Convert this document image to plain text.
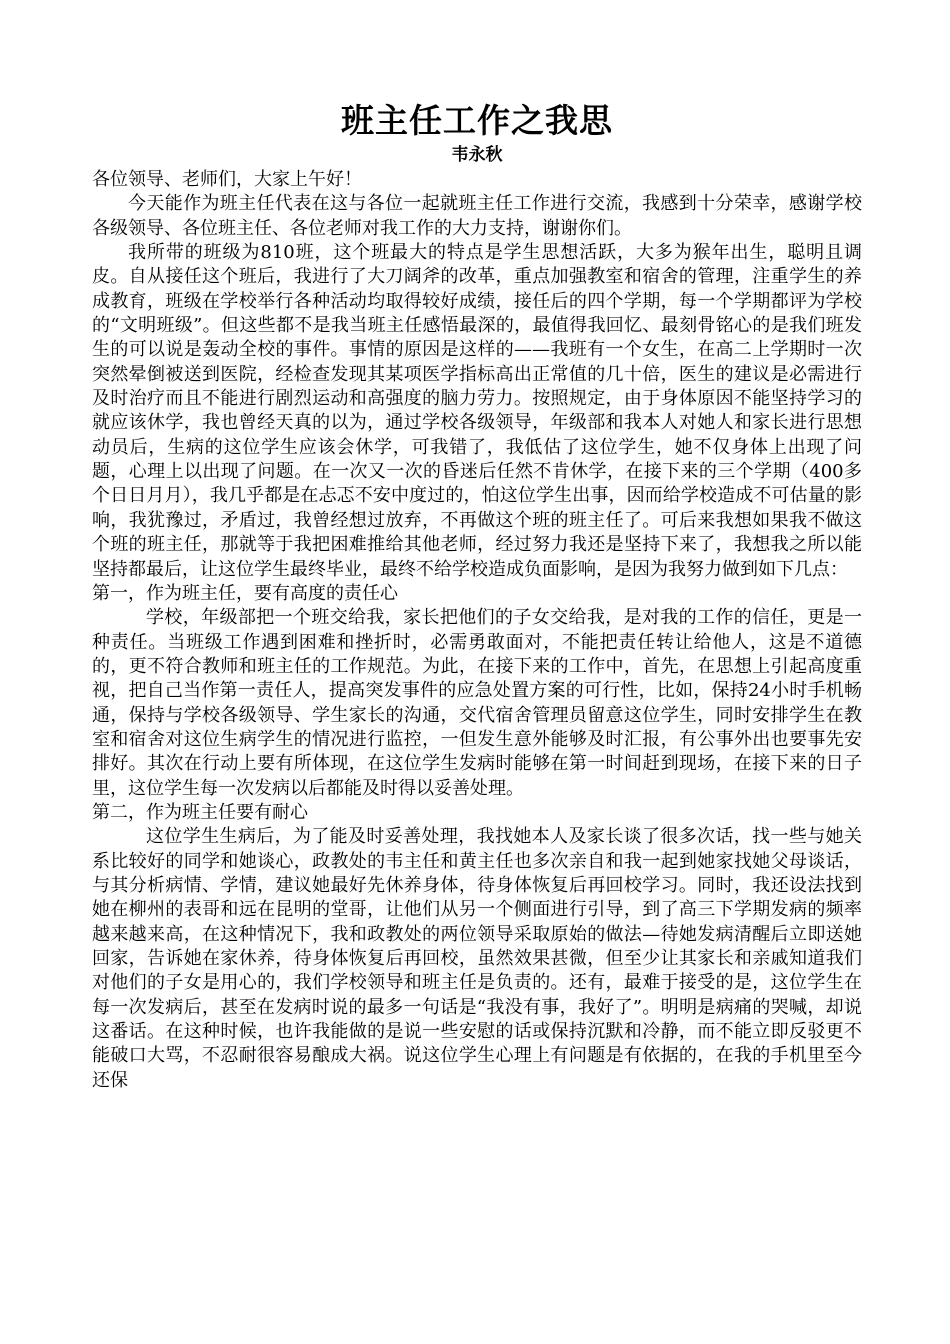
班主任工作之我思
韦永秋

各位领导、老师们，大家上午好！

今天能作为班主任代表在这与各位一起就班主任工作进行交流，我感到十分荣幸，感谢学校各级领导、各位班主任、各位老师对我工作的大力支持，谢谢你们。

我所带的班级为810班，这个班最大的特点是学生思想活跃，大多为猴年出生，聪明且调皮。自从接任这个班后，我进行了大刀阔斧的改革，重点加强教室和宿舍的管理，注重学生的养成教育，班级在学校举行各种活动均取得较好成绩，接任后的四个学期，每一个学期都评为学校的“文明班级”。但这些都不是我当班主任感悟最深的，最值得我回忆、最刻骨铭心的是我们班发生的可以说是轰动全校的事件。事情的原因是这样的——我班有一个女生，在高二上学期时一次突然晕倒被送到医院，经检查发现其某项医学指标高出正常值的几十倍，医生的建议是必需进行及时治疗而且不能进行剧烈运动和高强度的脑力劳力。按照规定，由于身体原因不能坚持学习的就应该休学，我也曾经天真的以为，通过学校各级领导，年级部和我本人对她人和家长进行思想动员后，生病的这位学生应该会休学，可我错了，我低估了这位学生，她不仅身体上出现了问题，心理上以出现了问题。在一次又一次的昏迷后任然不肯休学，在接下来的三个学期（400多个日日月月），我几乎都是在忐忑不安中度过的，怕这位学生出事，因而给学校造成不可估量的影响，我犹豫过，矛盾过，我曾经想过放弃，不再做这个班的班主任了。可后来我想如果我不做这个班的班主任，那就等于我把困难推给其他老师，经过努力我还是坚持下来了，我想我之所以能坚持都最后，让这位学生最终毕业，最终不给学校造成负面影响，是因为我努力做到如下几点：

第一，作为班主任，要有高度的责任心

学校，年级部把一个班交给我，家长把他们的子女交给我，是对我的工作的信任，更是一种责任。当班级工作遇到困难和挫折时，必需勇敢面对，不能把责任转让给他人，这是不道德的，更不符合教师和班主任的工作规范。为此，在接下来的工作中，首先，在思想上引起高度重视，把自己当作第一责任人，提高突发事件的应急处置方案的可行性，比如，保持24小时手机畅通，保持与学校各级领导、学生家长的沟通，交代宿舍管理员留意这位学生，同时安排学生在教室和宿舍对这位生病学生的情况进行监控，一但发生意外能够及时汇报，有公事外出也要事先安排好。其次在行动上要有所体现，在这位学生发病时能够在第一时间赶到现场，在接下来的日子里，这位学生每一次发病以后都能及时得以妥善处理。

第二，作为班主任要有耐心

这位学生生病后，为了能及时妥善处理，我找她本人及家长谈了很多次话，找一些与她关系比较好的同学和她谈心，政教处的韦主任和黄主任也多次亲自和我一起到她家找她父母谈话，与其分析病情、学情，建议她最好先休养身体，待身体恢复后再回校学习。同时，我还设法找到她在柳州的表哥和远在昆明的堂哥，让他们从另一个侧面进行引导，到了高三下学期发病的频率越来越来高，在这种情况下，我和政教处的两位领导采取原始的做法—待她发病清醒后立即送她回家，告诉她在家休养，待身体恢复后再回校，虽然效果甚微，但至少让其家长和亲戚知道我们对他们的子女是用心的，我们学校领导和班主任是负责的。还有，最难于接受的是，这位学生在每一次发病后，甚至在发病时说的最多一句话是“我没有事，我好了”。明明是病痛的哭喊，却说这番话。在这种时候，也许我能做的是说一些安慰的话或保持沉默和冷静，而不能立即反驳更不能破口大骂，不忍耐很容易酿成大祸。说这位学生心理上有问题是有依据的，在我的手机里至今还保
